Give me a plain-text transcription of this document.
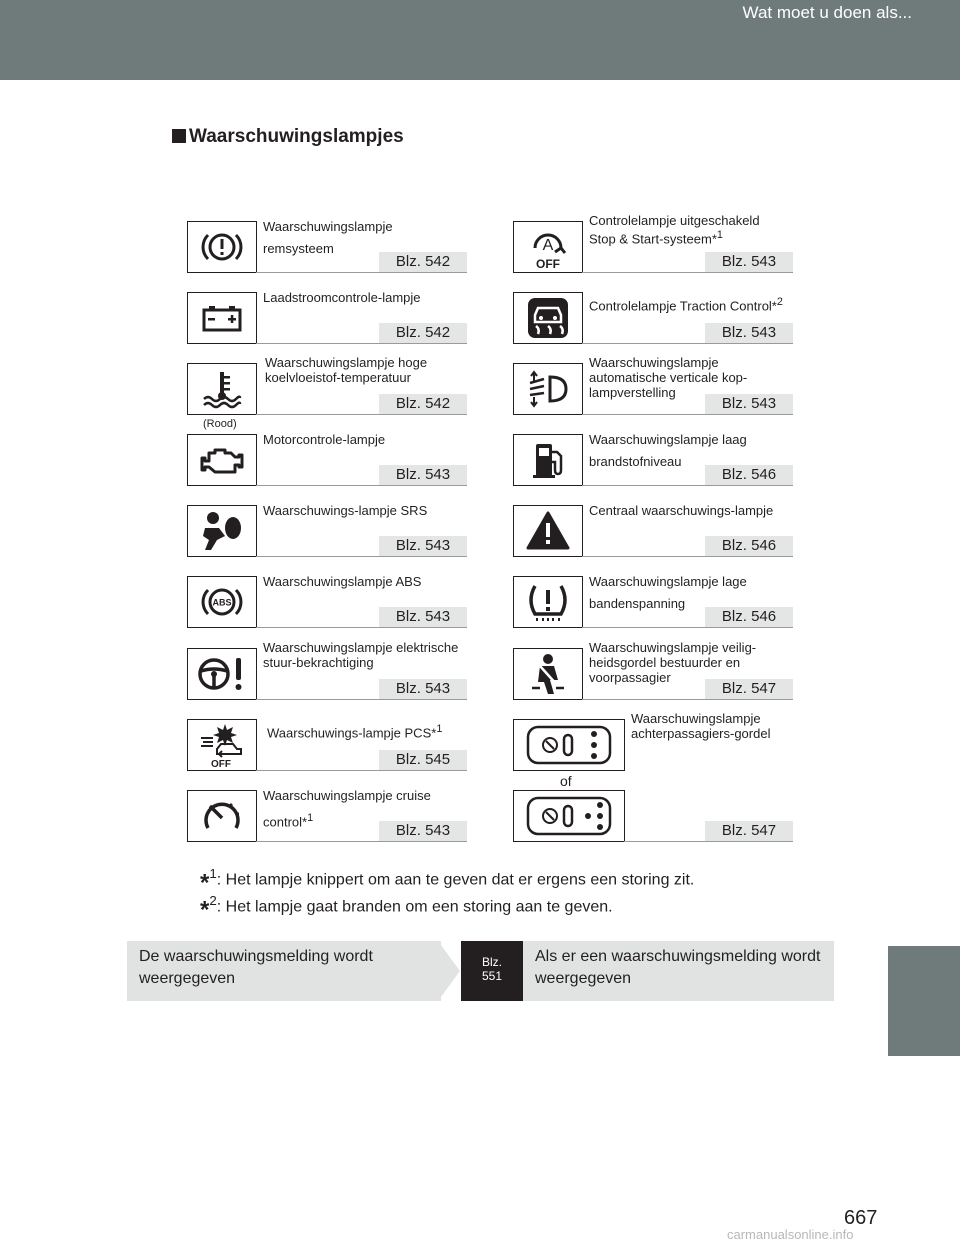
Wat moet u doen als...
Waarschuwingslampjes
Waarschuwingslampje remsysteem
Blz. 542
Laadstroomcontrole-lampje
Blz. 542
Waarschuwingslampje hoge koelvloeistof-temperatuur
Blz. 542
(Rood)
Motorcontrole-lampje
Blz. 543
Waarschuwings-lampje SRS
Blz. 543
ABS
Waarschuwingslampje ABS
Blz. 543
Waarschuwingslampje elektrische stuur-bekrachtiging
Blz. 543
OFF
Waarschuwings-lampje PCS*$^1$
Blz. 545
Waarschuwingslampje cruise control*$^1$
Blz. 543
A
OFF
Controlelampje uitgeschakeld Stop & Start-systeem*$^1$
Blz. 543
Controlelampje Traction Control*$^2$
Blz. 543
Waarschuwingslampje automatische verticale kop-lampverstelling
Blz. 543
Waarschuwingslampje laag brandstofniveau
Blz. 546
Centraal waarschuwings-lampje
Blz. 546
Waarschuwingslampje lage bandenspanning
Blz. 546
Waarschuwingslampje veilig-heidsgordel bestuurder en voorpassagier
Blz. 547
Waarschuwingslampje achterpassagiers-gordel
of
Blz. 547
*$^1$: Het lampje knippert om aan te geven dat er ergens een storing zit.
*$^2$: Het lampje gaat branden om een storing aan te geven.
De waarschuwingsmelding wordt weergegeven
Blz.
551
Als er een waarschuwingsmelding wordt weergegeven
667
carmanualsonline.info
